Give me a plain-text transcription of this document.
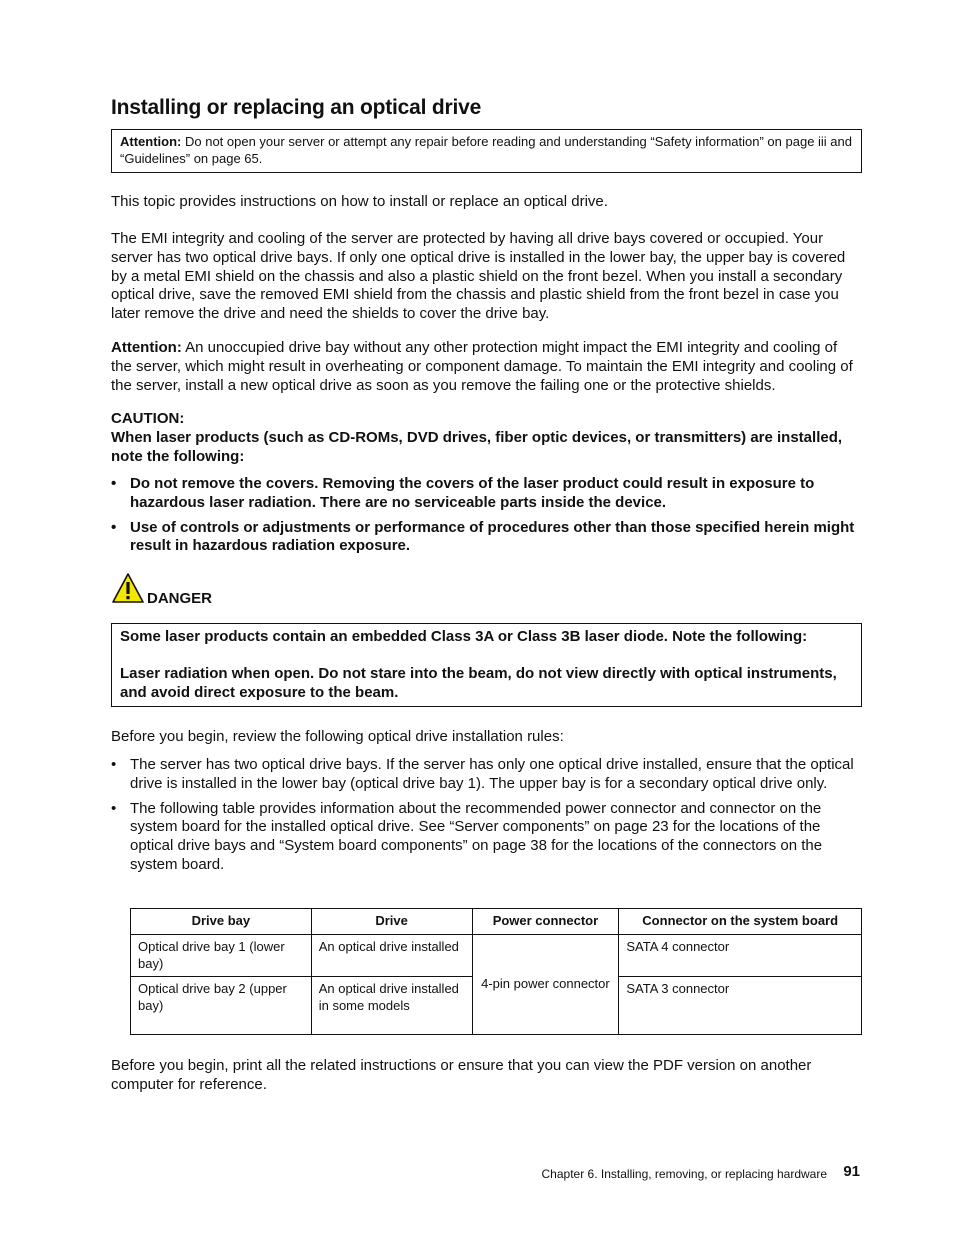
Installing or replacing an optical drive
Attention: Do not open your server or attempt any repair before reading and understanding “Safety information” on page iii and “Guidelines” on page 65.

This topic provides instructions on how to install or replace an optical drive.

The EMI integrity and cooling of the server are protected by having all drive bays covered or occupied. Your server has two optical drive bays. If only one optical drive is installed in the lower bay, the upper bay is covered by a metal EMI shield on the chassis and also a plastic shield on the front bezel. When you install a secondary optical drive, save the removed EMI shield from the chassis and plastic shield from the front bezel in case you later remove the drive and need the shields to cover the drive bay.

Attention: An unoccupied drive bay without any other protection might impact the EMI integrity and cooling of the server, which might result in overheating or component damage. To maintain the EMI integrity and cooling of the server, install a new optical drive as soon as you remove the failing one or the protective shields.

CAUTION:

When laser products (such as CD-ROMs, DVD drives, fiber optic devices, or transmitters) are installed, note the following:

• Do not remove the covers. Removing the covers of the laser product could result in exposure to hazardous laser radiation. There are no serviceable parts inside the device.
• Use of controls or adjustments or performance of procedures other than those specified herein might result in hazardous radiation exposure.
DANGER

Some laser products contain an embedded Class 3A or Class 3B laser diode. Note the following:

Laser radiation when open. Do not stare into the beam, do not view directly with optical instruments, and avoid direct exposure to the beam.

Before you begin, review the following optical drive installation rules:

• The server has two optical drive bays. If the server has only one optical drive installed, ensure that the optical drive is installed in the lower bay (optical drive bay 1). The upper bay is for a secondary optical drive only.
• The following table provides information about the recommended power connector and connector on the system board for the installed optical drive. See “Server components” on page 23 for the locations of the optical drive bays and “System board components” on page 38 for the locations of the connectors on the system board.
Drive bay	Drive	Power connector	Connector on the system board
Optical drive bay 1 (lower bay)	An optical drive installed	4-pin power connector	SATA 4 connector
Optical drive bay 2 (upper bay)	An optical drive installed in some models		SATA 3 connector

Before you begin, print all the related instructions or ensure that you can view the PDF version on another computer for reference.

Chapter 6. Installing, removing, or replacing hardware 91
